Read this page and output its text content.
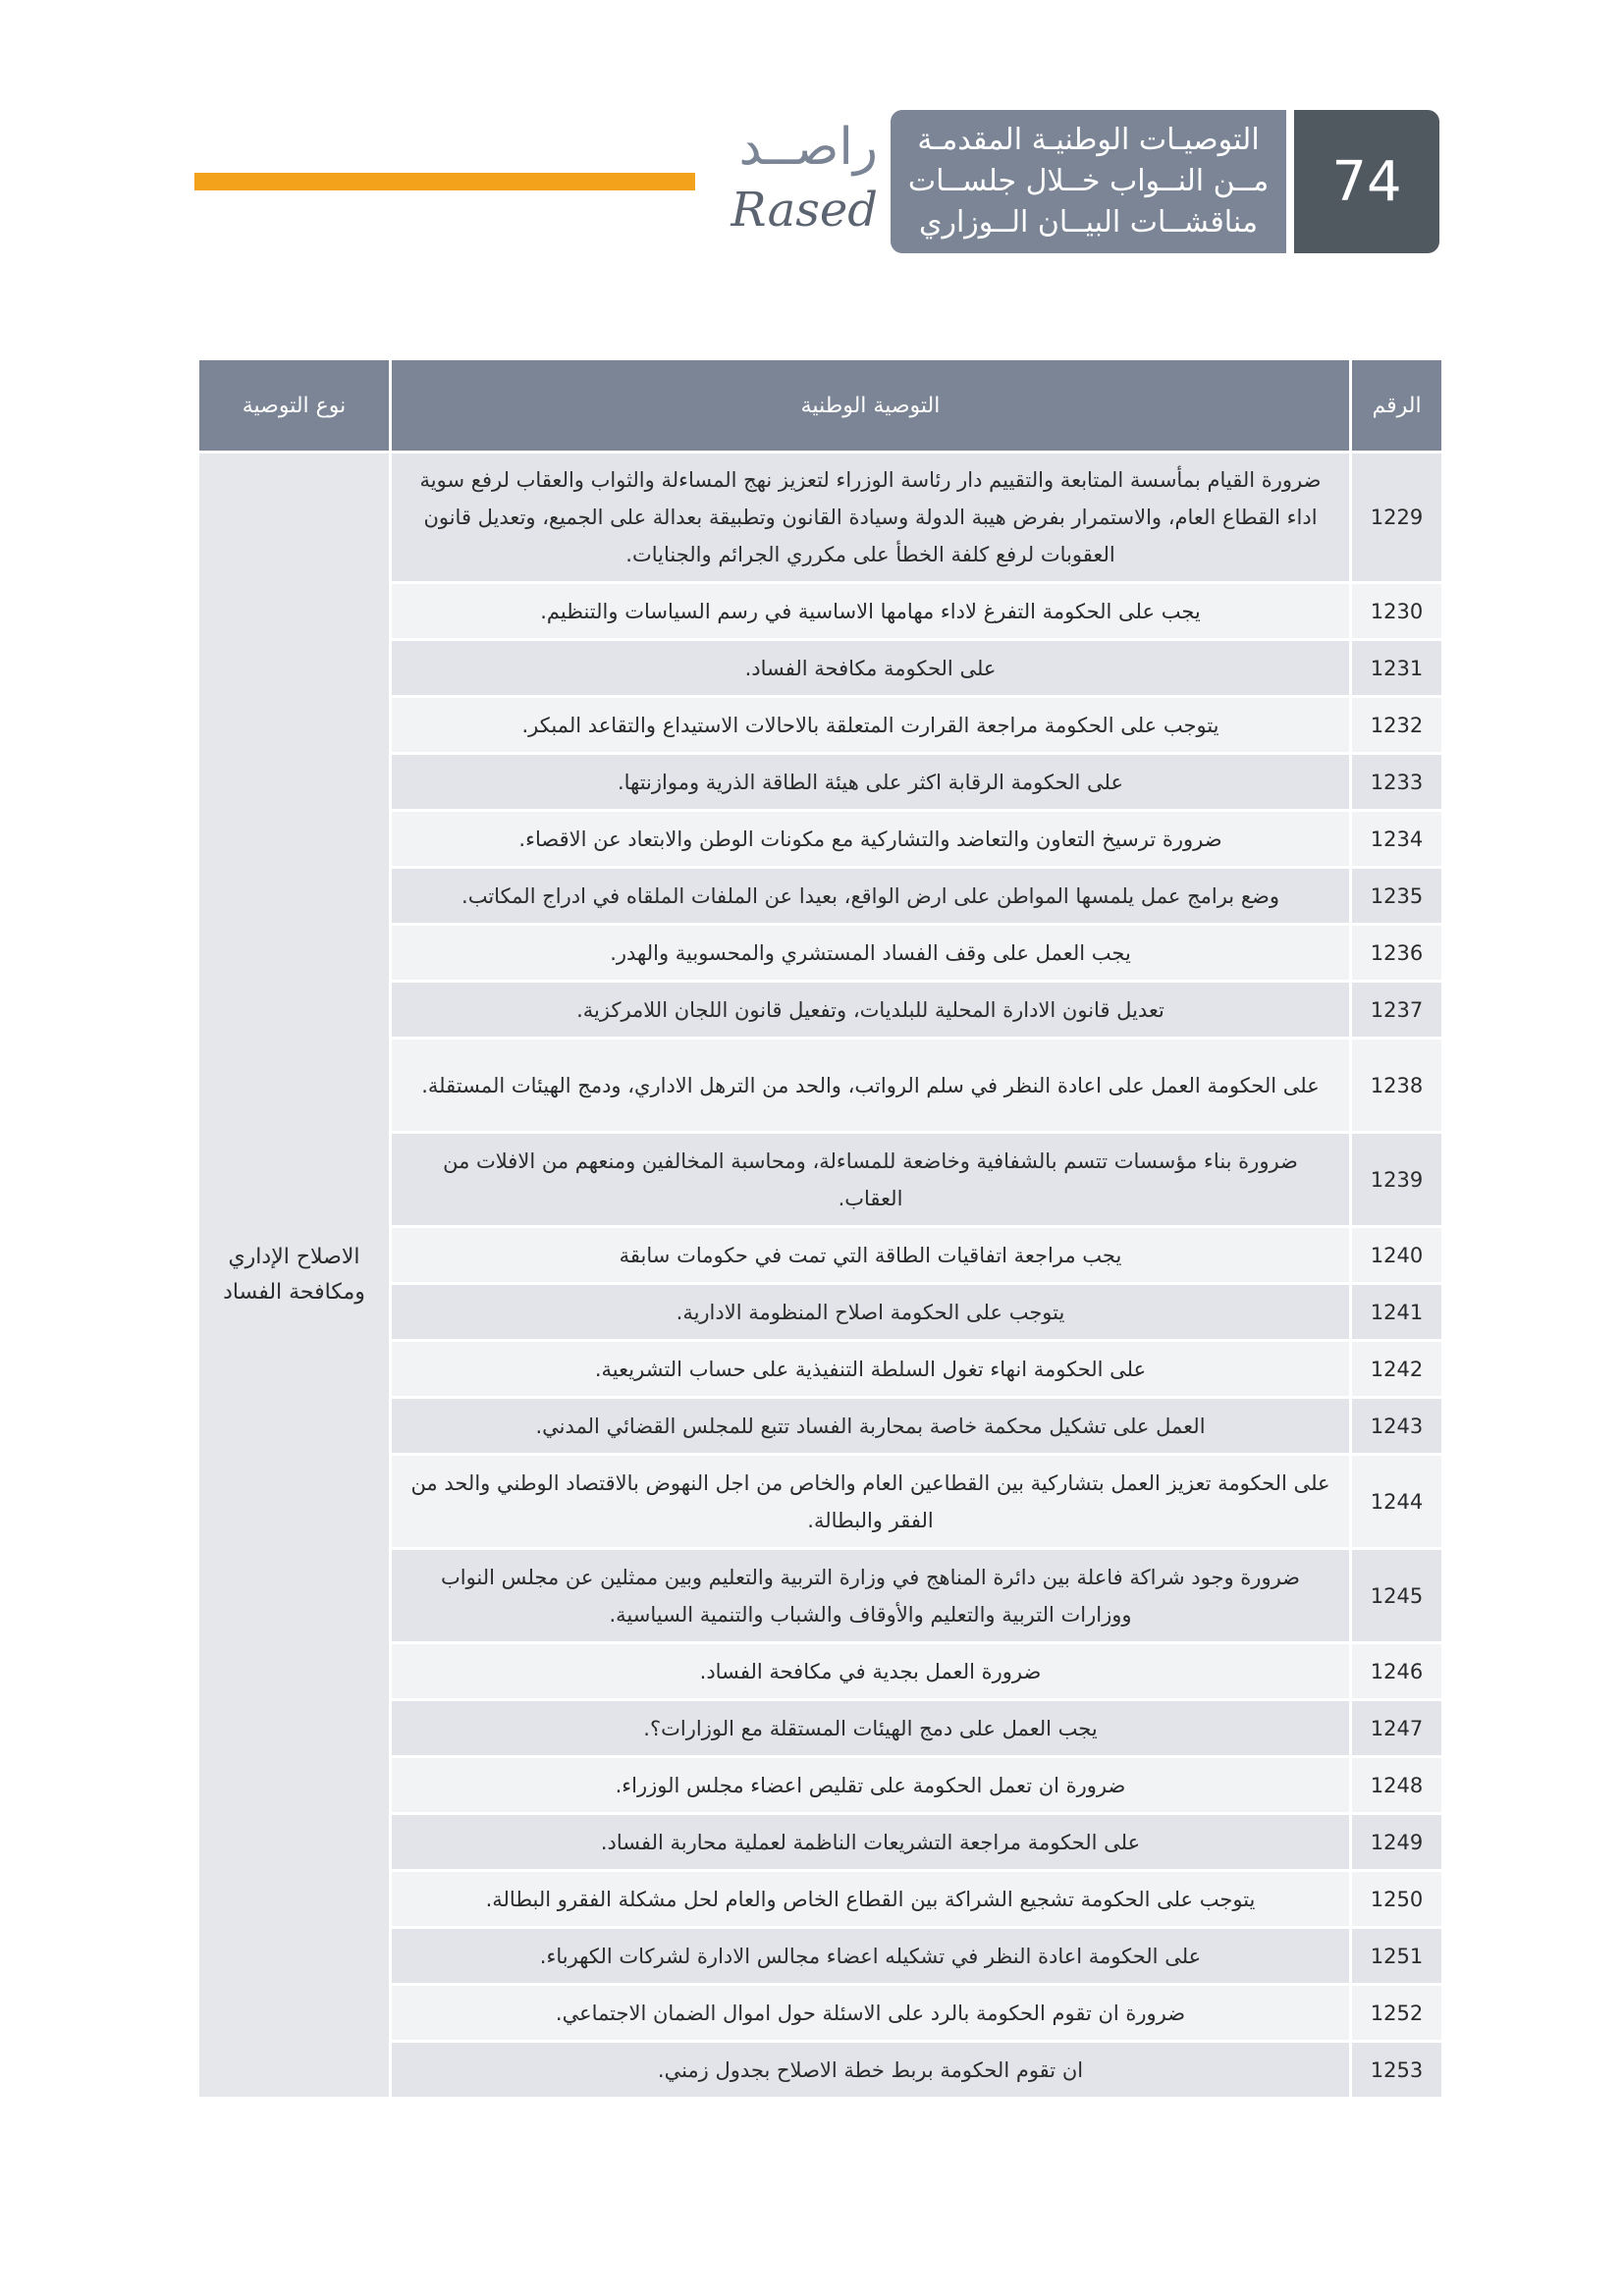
راصــد
Rased
التوصيـات الوطنيـة المقدمـة
مــن النــواب خــلال جلســات
مناقشــات البيــان الــوزاري
74
الرقم	التوصية الوطنية	نوع التوصية
1229	ضرورة القيام بمأسسة المتابعة والتقييم دار رئاسة الوزراء لتعزيز نهج المساءلة والثواب والعقاب لرفع سوية اداء القطاع العام، والاستمرار بفرض هيبة الدولة وسيادة القانون وتطبيقة بعدالة على الجميع، وتعديل قانون العقوبات لرفع كلفة الخطأ على مكرري الجرائم والجنايات.	الاصلاح الإداري ومكافحة الفساد
1230	يجب على الحكومة التفرغ لاداء مهامها الاساسية في رسم السياسات والتنظيم.	
1231	على الحكومة مكافحة الفساد.	
1232	يتوجب على الحكومة مراجعة القرارت المتعلقة بالاحالات الاستيداع والتقاعد المبكر.	
1233	على الحكومة الرقابة اكثر على هيئة الطاقة الذرية وموازنتها.	
1234	ضرورة ترسيخ التعاون والتعاضد والتشاركية مع مكونات الوطن والابتعاد عن الاقصاء.	
1235	وضع برامج عمل يلمسها المواطن على ارض الواقع، بعيدا عن الملفات الملقاه في ادراج المكاتب.	
1236	يجب العمل على وقف الفساد المستشري والمحسوبية والهدر.	
1237	تعديل قانون الادارة المحلية للبلديات، وتفعيل قانون اللجان اللامركزية.	
1238	على الحكومة العمل على اعادة النظر في سلم الرواتب، والحد من الترهل الاداري، ودمج الهيئات المستقلة.	
1239	ضرورة بناء مؤسسات تتسم بالشفافية وخاضعة للمساءلة، ومحاسبة المخالفين ومنعهم من الافلات من العقاب.	
1240	يجب مراجعة اتفاقيات الطاقة التي تمت في حكومات سابقة	
1241	يتوجب على الحكومة اصلاح المنظومة الادارية.	
1242	على الحكومة انهاء تغول السلطة التنفيذية على حساب التشريعية.	
1243	العمل على تشكيل محكمة خاصة بمحاربة الفساد تتبع للمجلس القضائي المدني.	
1244	على الحكومة تعزيز العمل بتشاركية بين القطاعين العام والخاص من اجل النهوض بالاقتصاد الوطني والحد من الفقر والبطالة.	
1245	ضرورة وجود شراكة فاعلة بين دائرة المناهج في وزارة التربية والتعليم وبين ممثلين عن مجلس النواب ووزارات التربية والتعليم والأوقاف والشباب والتنمية السياسية.	
1246	ضرورة العمل بجدية في مكافحة الفساد.	
1247	يجب العمل على دمج الهيئات المستقلة مع الوزارات؟.	
1248	ضرورة ان تعمل الحكومة على تقليص اعضاء مجلس الوزراء.	
1249	على الحكومة مراجعة التشريعات الناظمة لعملية محاربة الفساد.	
1250	يتوجب على الحكومة تشجيع الشراكة بين القطاع الخاص والعام لحل مشكلة الفقرو البطالة.	
1251	على الحكومة اعادة النظر في تشكيله اعضاء مجالس الادارة لشركات الكهرباء.	
1252	ضرورة ان تقوم الحكومة بالرد على الاسئلة حول اموال الضمان الاجتماعي.	
1253	ان تقوم الحكومة بربط خطة الاصلاح بجدول زمني.	
